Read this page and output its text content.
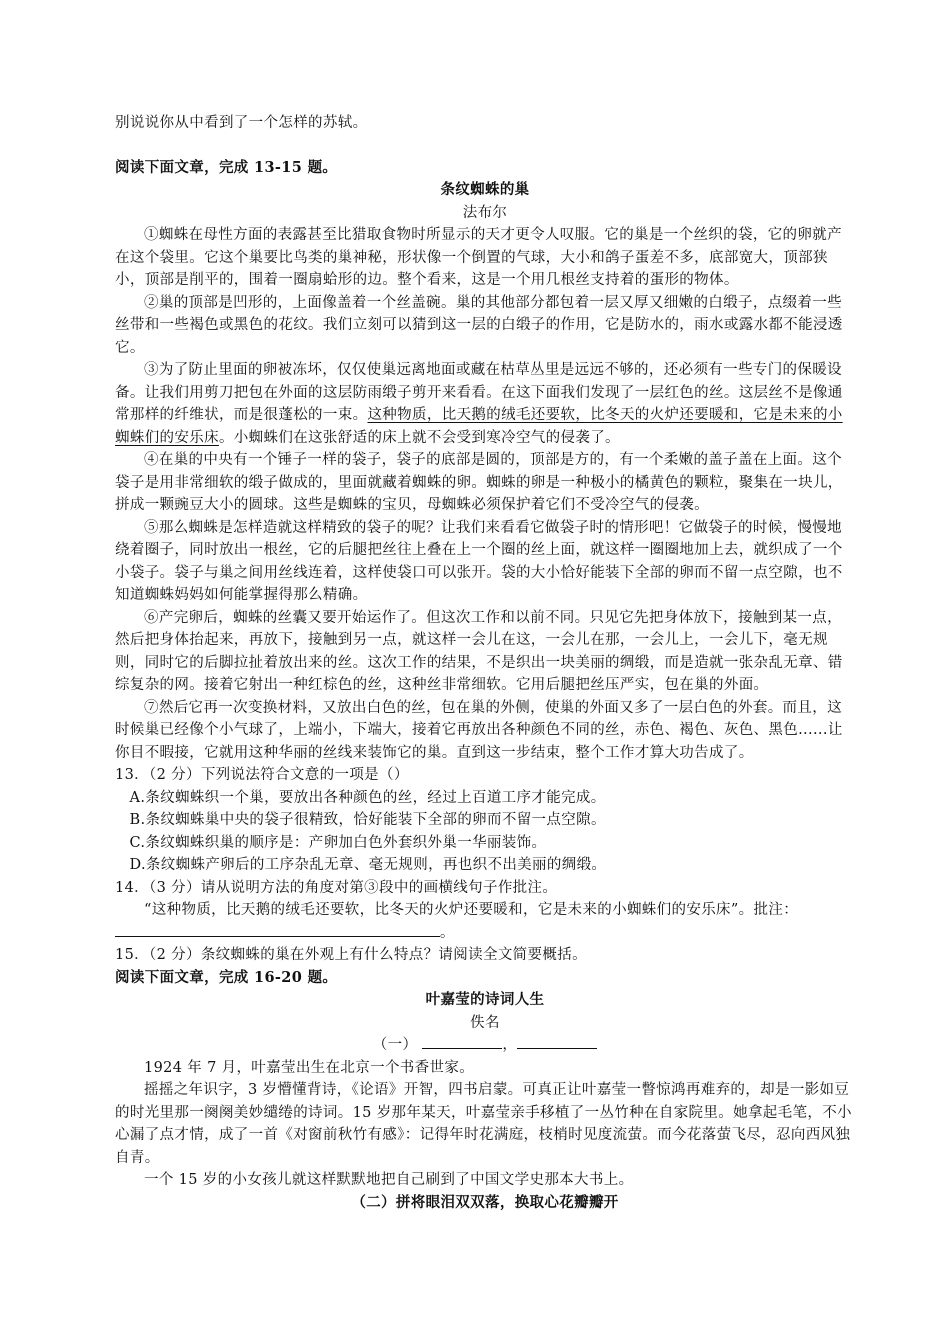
别说说你从中看到了一个怎样的苏轼。

阅读下面文章，完成 13-15 题。

条纹蜘蛛的巢

法布尔

①蜘蛛在母性方面的表露甚至比猎取食物时所显示的天才更令人叹服。它的巢是一个丝织的袋，它的卵就产在这个袋里。它这个巢要比鸟类的巢神秘，形状像一个倒置的气球，大小和鸽子蛋差不多，底部宽大，顶部狭小，顶部是削平的，围着一圈扇蛤形的边。整个看来，这是一个用几根丝支持着的蛋形的物体。

②巢的顶部是凹形的，上面像盖着一个丝盖碗。巢的其他部分都包着一层又厚又细嫩的白缎子，点缀着一些丝带和一些褐色或黑色的花纹。我们立刻可以猜到这一层的白缎子的作用，它是防水的，雨水或露水都不能浸透它。

③为了防止里面的卵被冻坏，仅仅使巢远离地面或藏在枯草丛里是远远不够的，还必须有一些专门的保暖设备。让我们用剪刀把包在外面的这层防雨缎子剪开来看看。在这下面我们发现了一层红色的丝。这层丝不是像通常那样的纤维状，而是很蓬松的一束。这种物质，比天鹅的绒毛还要软，比冬天的火炉还要暖和，它是未来的小蜘蛛们的安乐床。小蜘蛛们在这张舒适的床上就不会受到寒冷空气的侵袭了。

④在巢的中央有一个锤子一样的袋子，袋子的底部是圆的，顶部是方的，有一个柔嫩的盖子盖在上面。这个袋子是用非常细软的缎子做成的，里面就藏着蜘蛛的卵。蜘蛛的卵是一种极小的橘黄色的颗粒，聚集在一块儿，拼成一颗豌豆大小的圆球。这些是蜘蛛的宝贝，母蜘蛛必须保护着它们不受冷空气的侵袭。

⑤那么蜘蛛是怎样造就这样精致的袋子的呢？让我们来看看它做袋子时的情形吧！它做袋子的时候，慢慢地绕着圈子，同时放出一根丝，它的后腿把丝往上叠在上一个圈的丝上面，就这样一圈圈地加上去，就织成了一个小袋子。袋子与巢之间用丝线连着，这样使袋口可以张开。袋的大小恰好能装下全部的卵而不留一点空隙，也不知道蜘蛛妈妈如何能掌握得那么精确。

⑥产完卵后，蜘蛛的丝囊又要开始运作了。但这次工作和以前不同。只见它先把身体放下，接触到某一点，然后把身体抬起来，再放下，接触到另一点，就这样一会儿在这，一会儿在那，一会儿上，一会儿下，毫无规则，同时它的后脚拉扯着放出来的丝。这次工作的结果，不是织出一块美丽的绸缎，而是造就一张杂乱无章、错综复杂的网。接着它射出一种红棕色的丝，这种丝非常细软。它用后腿把丝压严实，包在巢的外面。

⑦然后它再一次变换材料，又放出白色的丝，包在巢的外侧，使巢的外面又多了一层白色的外套。而且，这时候巢已经像个小气球了，上端小，下端大，接着它再放出各种颜色不同的丝，赤色、褐色、灰色、黑色......让你目不暇接，它就用这种华丽的丝线来装饰它的巢。直到这一步结束，整个工作才算大功告成了。

13．（2 分）下列说法符合文意的一项是（）

A.条纹蜘蛛织一个巢，要放出各种颜色的丝，经过上百道工序才能完成。

B.条纹蜘蛛巢中央的袋子很精致，恰好能装下全部的卵而不留一点空隙。

C.条纹蜘蛛织巢的顺序是：产卵加白色外套织外巢一华丽装饰。

D.条纹蜘蛛产卵后的工序杂乱无章、毫无规则，再也织不出美丽的绸缎。

14．（3 分）请从说明方法的角度对第③段中的画横线句子作批注。

“这种物质，比天鹅的绒毛还要软，比冬天的火炉还要暖和，它是未来的小蜘蛛们的安乐床”。批注：

。

15．（2 分）条纹蜘蛛的巢在外观上有什么特点？请阅读全文简要概括。

阅读下面文章，完成 16-20 题。

叶嘉莹的诗词人生

佚名

（一）	，

1924 年 7 月，叶嘉莹出生在北京一个书香世家。

摇摇之年识字，3 岁懵懂背诗，《论语》开智，四书启蒙。可真正让叶嘉莹一瞥惊鸿再难弃的，却是一影如豆的时光里那一阕阕美妙缱绻的诗词。15 岁那年某天，叶嘉莹亲手移植了一丛竹种在自家院里。她拿起毛笔，不小心漏了点才情，成了一首《对窗前秋竹有感》：记得年时花满庭，枝梢时见度流萤。而今花落萤飞尽，忍向西风独自青。

一个 15 岁的小女孩儿就这样默默地把自己刷到了中国文学史那本大书上。

（二）拼将眼泪双双落，换取心花瓣瓣开
